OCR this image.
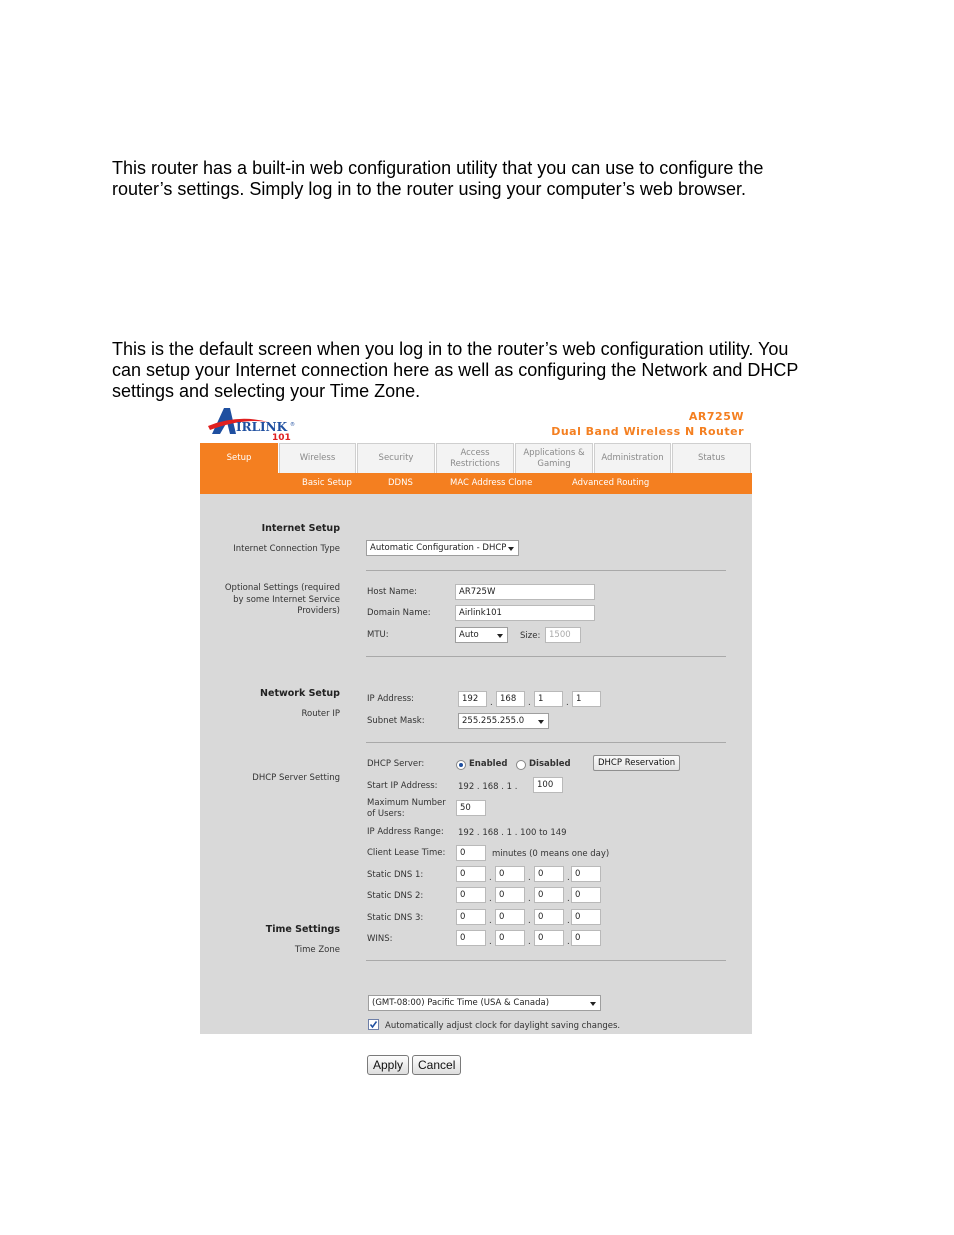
This router has a built-in web configuration utility that you can use to configure the
router’s settings. Simply log in to the router using your computer’s web browser.
This is the default screen when you log in to the router’s web configuration utility. You
can setup your Internet connection here as well as configuring the Network and DHCP
settings and selecting your Time Zone.
IRLINK ®
101
AR725W
Dual Band Wireless N Router
Setup	Wireless	Security
Access Restrictions
Applications & Gaming
Administration	Status
Basic Setup	DDNS	MAC Address Clone	Advanced Routing
Internet Setup
Internet Connection Type	Automatic Configuration - DHCP
Optional Settings (required
by some Internet Service
Providers)
Host Name:	AR725W
Domain Name:	Airlink101
MTU:	Auto	Size:	1500
Network Setup
Router IP
IP Address:	192	. 168	. 1	. 1
Subnet Mask:	255.255.255.0
DHCP Server Setting
DHCP Server:	Enabled	Disabled	DHCP Reservation
Start IP Address: 192 . 168 . 1 .	100
Maximum Number
of Users:
50
IP Address Range: 192 . 168 . 1 . 100 to 149
Client Lease Time:	0	minutes (0 means one day)
Static DNS 1:	0	. 0	. 0	. 0
Static DNS 2:	0	. 0	. 0	. 0
Static DNS 3:	0	. 0	. 0	. 0
WINS:	0	. 0	. 0	. 0
Time Settings
Time Zone
(GMT-08:00) Pacific Time (USA & Canada)
Automatically adjust clock for daylight saving changes.
Apply	Cancel
